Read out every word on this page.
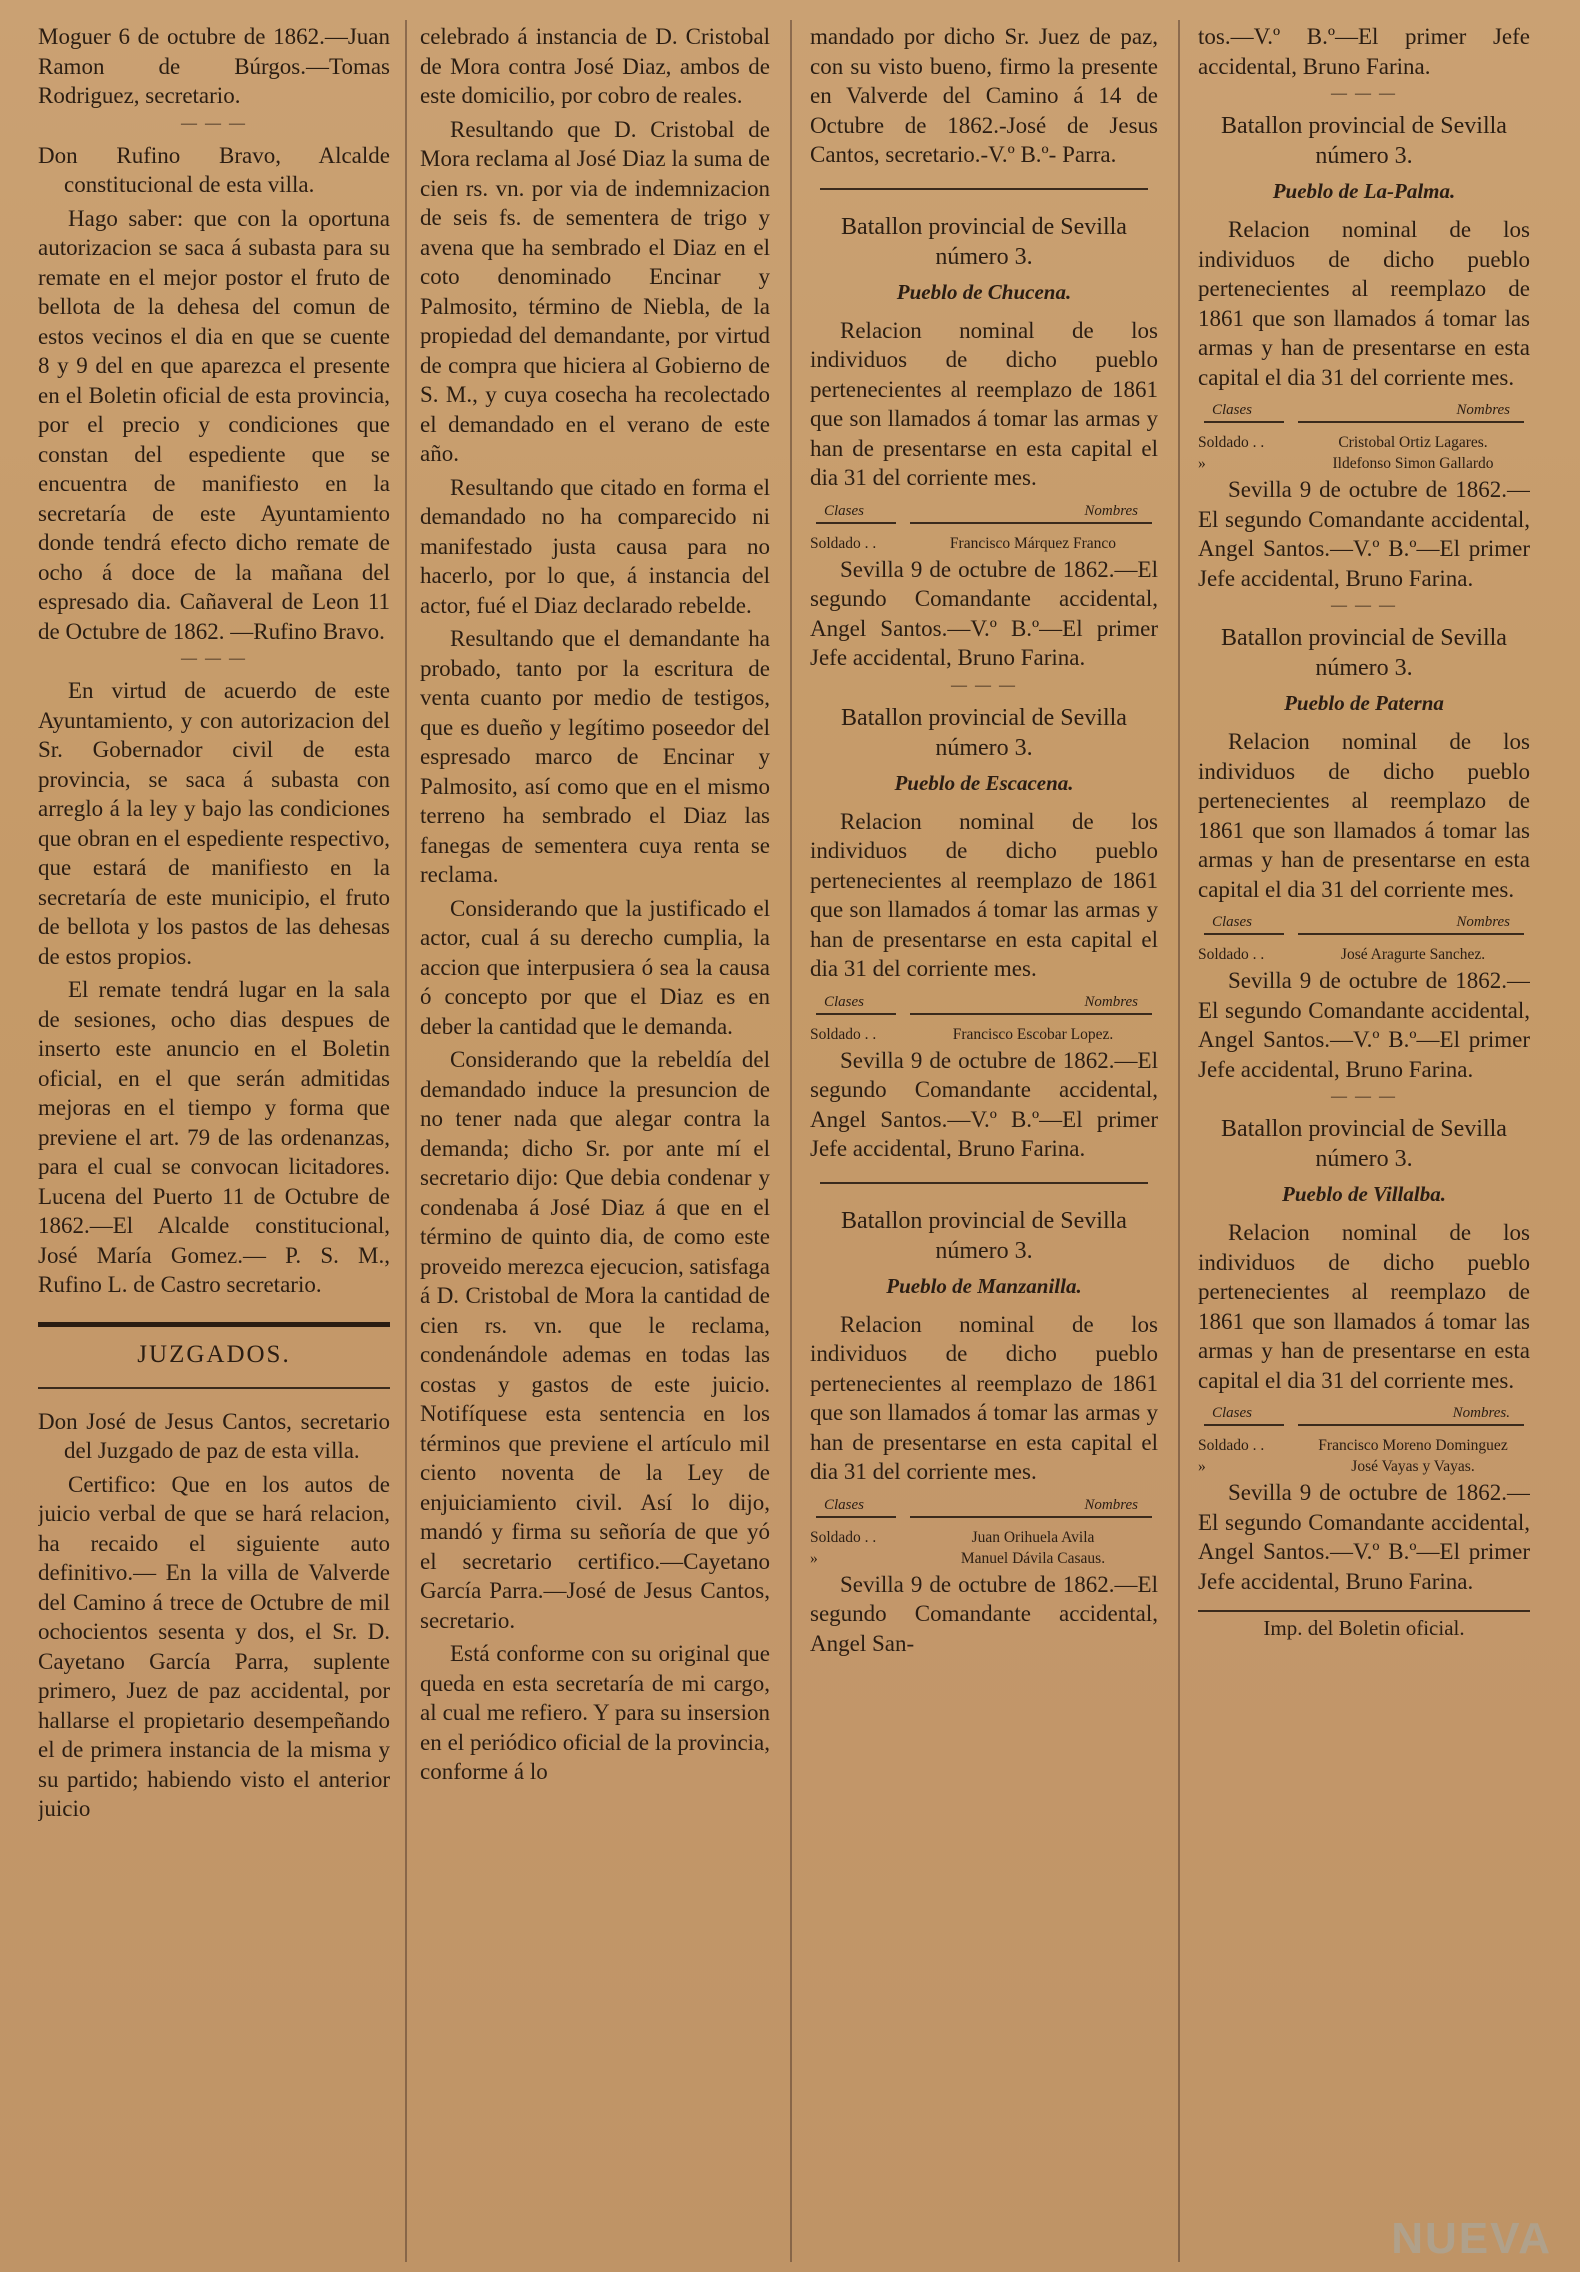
Moguer 6 de octubre de 1862.—Juan Ramon de Búrgos.—Tomas Rodriguez, secretario.

— — —

Don Rufino Bravo, Alcalde constitucional de esta villa.

Hago saber: que con la oportuna autorizacion se saca á subasta para su remate en el mejor postor el fruto de bellota de la dehesa del comun de estos vecinos el dia en que se cuente 8 y 9 del en que aparezca el presente en el Boletin oficial de esta provincia, por el precio y condiciones que constan del espediente que se encuentra de manifiesto en la secretaría de este Ayuntamiento donde tendrá efecto dicho remate de ocho á doce de la mañana del espresado dia. Cañaveral de Leon 11 de Octubre de 1862. —Rufino Bravo.

— — —

En virtud de acuerdo de este Ayuntamiento, y con autorizacion del Sr. Gobernador civil de esta provincia, se saca á subasta con arreglo á la ley y bajo las condiciones que obran en el espediente respectivo, que estará de manifiesto en la secretaría de este municipio, el fruto de bellota y los pastos de las dehesas de estos propios.

El remate tendrá lugar en la sala de sesiones, ocho dias despues de inserto este anuncio en el Boletin oficial, en el que serán admitidas mejoras en el tiempo y forma que previene el art. 79 de las ordenanzas, para el cual se convocan licitadores. Lucena del Puerto 11 de Octubre de 1862.—El Alcalde constitucional, José María Gomez.— P. S. M., Rufino L. de Castro secretario.

JUZGADOS.

Don José de Jesus Cantos, secretario del Juzgado de paz de esta villa.

Certifico: Que en los autos de juicio verbal de que se hará relacion, ha recaido el siguiente auto definitivo.— En la villa de Valverde del Camino á trece de Octubre de mil ochocientos sesenta y dos, el Sr. D. Cayetano García Parra, suplente primero, Juez de paz accidental, por hallarse el propietario desempeñando el de primera instancia de la misma y su partido; habiendo visto el anterior juicio

celebrado á instancia de D. Cristobal de Mora contra José Diaz, ambos de este domicilio, por cobro de reales.

Resultando que D. Cristobal de Mora reclama al José Diaz la suma de cien rs. vn. por via de indemnizacion de seis fs. de sementera de trigo y avena que ha sembrado el Diaz en el coto denominado Encinar y Palmosito, término de Niebla, de la propiedad del demandante, por virtud de compra que hiciera al Gobierno de S. M., y cuya cosecha ha recolectado el demandado en el verano de este año.

Resultando que citado en forma el demandado no ha comparecido ni manifestado justa causa para no hacerlo, por lo que, á instancia del actor, fué el Diaz declarado rebelde.

Resultando que el demandante ha probado, tanto por la escritura de venta cuanto por medio de testigos, que es dueño y legítimo poseedor del espresado marco de Encinar y Palmosito, así como que en el mismo terreno ha sembrado el Diaz las fanegas de sementera cuya renta se reclama.

Considerando que la justificado el actor, cual á su derecho cumplia, la accion que interpusiera ó sea la causa ó concepto por que el Diaz es en deber la cantidad que le demanda.

Considerando que la rebeldía del demandado induce la presuncion de no tener nada que alegar contra la demanda; dicho Sr. por ante mí el secretario dijo: Que debia condenar y condenaba á José Diaz á que en el término de quinto dia, de como este proveido merezca ejecucion, satisfaga á D. Cristobal de Mora la cantidad de cien rs. vn. que le reclama, condenándole ademas en todas las costas y gastos de este juicio. Notifíquese esta sentencia en los términos que previene el artículo mil ciento noventa de la Ley de enjuiciamiento civil. Así lo dijo, mandó y firma su señoría de que yó el secretario certifico.—Cayetano García Parra.—José de Jesus Cantos, secretario.

Está conforme con su original que queda en esta secretaría de mi cargo, al cual me refiero. Y para su insersion en el periódico oficial de la provincia, conforme á lo

mandado por dicho Sr. Juez de paz, con su visto bueno, firmo la presente en Valverde del Camino á 14 de Octubre de 1862.-José de Jesus Cantos, secretario.-V.º B.º- Parra.

Batallon provincial de Sevilla número 3.
Pueblo de Chucena.

Relacion nominal de los individuos de dicho pueblo pertenecientes al reemplazo de 1861 que son llamados á tomar las armas y han de presentarse en esta capital el dia 31 del corriente mes.

Clases	Nombres
Soldado . .	Francisco Márquez Franco

Sevilla 9 de octubre de 1862.—El segundo Comandante accidental, Angel Santos.—V.º B.º—El primer Jefe accidental, Bruno Farina.

— — —
Batallon provincial de Sevilla número 3.
Pueblo de Escacena.

Relacion nominal de los individuos de dicho pueblo pertenecientes al reemplazo de 1861 que son llamados á tomar las armas y han de presentarse en esta capital el dia 31 del corriente mes.

Clases	Nombres
Soldado . .	Francisco Escobar Lopez.

Sevilla 9 de octubre de 1862.—El segundo Comandante accidental, Angel Santos.—V.º B.º—El primer Jefe accidental, Bruno Farina.

Batallon provincial de Sevilla número 3.
Pueblo de Manzanilla.

Relacion nominal de los individuos de dicho pueblo pertenecientes al reemplazo de 1861 que son llamados á tomar las armas y han de presentarse en esta capital el dia 31 del corriente mes.

Clases	Nombres
Soldado . .	Juan Orihuela Avila
»	Manuel Dávila Casaus.

Sevilla 9 de octubre de 1862.—El segundo Comandante accidental, Angel San-

tos.—V.º B.º—El primer Jefe accidental, Bruno Farina.

— — —
Batallon provincial de Sevilla número 3.
Pueblo de La-Palma.

Relacion nominal de los individuos de dicho pueblo pertenecientes al reemplazo de 1861 que son llamados á tomar las armas y han de presentarse en esta capital el dia 31 del corriente mes.

Clases	Nombres
Soldado . .	Cristobal Ortiz Lagares.
»	Ildefonso Simon Gallardo

Sevilla 9 de octubre de 1862.—El segundo Comandante accidental, Angel Santos.—V.º B.º—El primer Jefe accidental, Bruno Farina.

— — —
Batallon provincial de Sevilla número 3.
Pueblo de Paterna

Relacion nominal de los individuos de dicho pueblo pertenecientes al reemplazo de 1861 que son llamados á tomar las armas y han de presentarse en esta capital el dia 31 del corriente mes.

Clases	Nombres
Soldado . .	José Aragurte Sanchez.

Sevilla 9 de octubre de 1862.—El segundo Comandante accidental, Angel Santos.—V.º B.º—El primer Jefe accidental, Bruno Farina.

— — —
Batallon provincial de Sevilla número 3.
Pueblo de Villalba.

Relacion nominal de los individuos de dicho pueblo pertenecientes al reemplazo de 1861 que son llamados á tomar las armas y han de presentarse en esta capital el dia 31 del corriente mes.

Clases	Nombres.
Soldado . .	Francisco Moreno Dominguez
»	José Vayas y Vayas.

Sevilla 9 de octubre de 1862.—El segundo Comandante accidental, Angel Santos.—V.º B.º—El primer Jefe accidental, Bruno Farina.

Imp. del Boletin oficial.
NUEVA
